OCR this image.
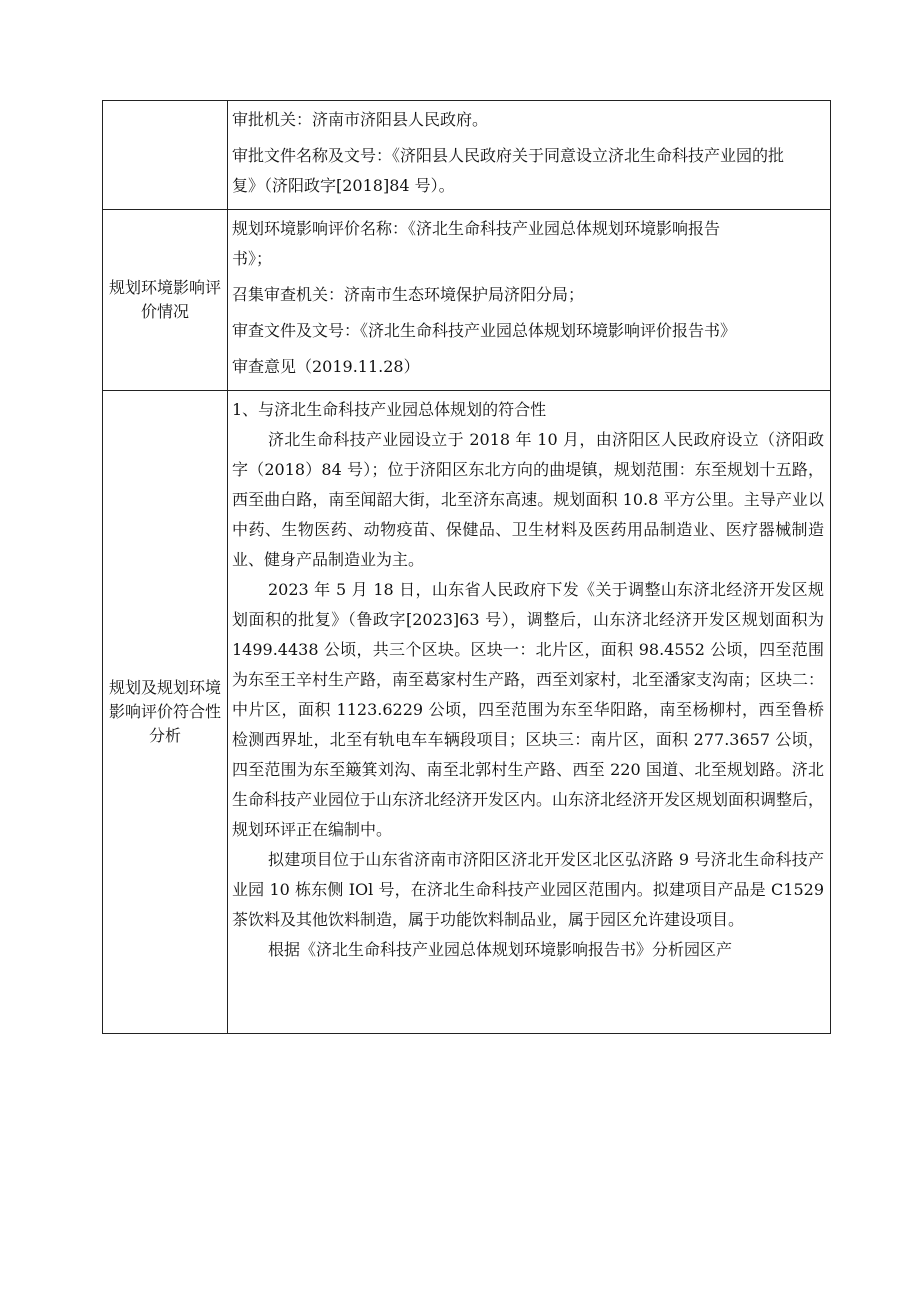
	审批机关：济南市济阳县人民政府。
审批文件名称及文号：《济阳县人民政府关于同意设立济北生命科技产业园的批
复》（济阳政字[2018]84 号）。

规划环境影响评价情况	规划环境影响评价名称：《济北生命科技产业园总体规划环境影响报告
书》；
召集审查机关：济南市生态环境保护局济阳分局；
审查文件及文号：《济北生命科技产业园总体规划环境影响评价报告书》
审查意见（2019.11.28）

规划及规划环境影响评价符合性分析	1、与济北生命科技产业园总体规划的符合性
济北生命科技产业园设立于 2018 年 10 月，由济阳区人民政府设立（济阳政字（2018）84 号）；位于济阳区东北方向的曲堤镇，规划范围：东至规划十五路，西至曲白路，南至闻韶大街，北至济东高速。规划面积 10.8 平方公里。主导产业以中药、生物医药、动物疫苗、保健品、卫生材料及医药用品制造业、医疗器械制造业、健身产品制造业为主。
2023 年 5 月 18 日，山东省人民政府下发《关于调整山东济北经济开发区规划面积的批复》（鲁政字[2023]63 号），调整后，山东济北经济开发区规划面积为 1499.4438 公顷，共三个区块。区块一：北片区，面积 98.4552 公顷，四至范围为东至王辛村生产路，南至葛家村生产路，西至刘家村，北至潘家支沟南；区块二：中片区，面积 1123.6229 公顷，四至范围为东至华阳路，南至杨柳村，西至鲁桥检测西界址，北至有轨电车车辆段项目；区块三：南片区，面积 277.3657 公顷，四至范围为东至簸箕刘沟、南至北郭村生产路、西至 220 国道、北至规划路。济北生命科技产业园位于山东济北经济开发区内。山东济北经济开发区规划面积调整后，规划环评正在编制中。
拟建项目位于山东省济南市济阳区济北开发区北区弘济路 9 号济北生命科技产业园 10 栋东侧 IOl 号，在济北生命科技产业园区范围内。拟建项目产品是 C1529 茶饮料及其他饮料制造，属于功能饮料制品业，属于园区允许建设项目。
根据《济北生命科技产业园总体规划环境影响报告书》分析园区产
